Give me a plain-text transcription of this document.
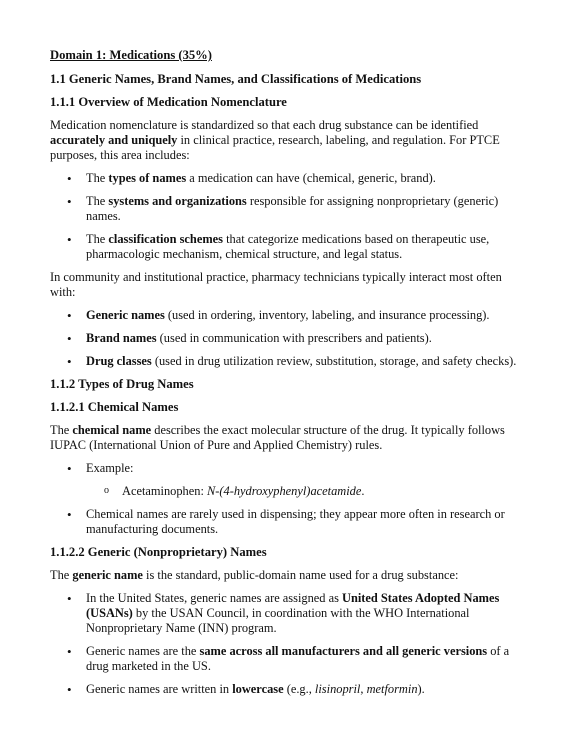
Domain 1: Medications (35%)
1.1 Generic Names, Brand Names, and Classifications of Medications
1.1.1 Overview of Medication Nomenclature

Medication nomenclature is standardized so that each drug substance can be identified
accurately and uniquely in clinical practice, research, labeling, and regulation. For PTCE purposes, this area includes:

• The types of names a medication can have (chemical, generic, brand).
• The systems and organizations responsible for assigning nonproprietary (generic) names.
• The classification schemes that categorize medications based on therapeutic use, pharmacologic mechanism, chemical structure, and legal status.

In community and institutional practice, pharmacy technicians typically interact most often with:

• Generic names (used in ordering, inventory, labeling, and insurance processing).
• Brand names (used in communication with prescribers and patients).
• Drug classes (used in drug utilization review, substitution, storage, and safety checks).
1.1.2 Types of Drug Names
1.1.2.1 Chemical Names

The chemical name describes the exact molecular structure of the drug. It typically follows IUPAC (International Union of Pure and Applied Chemistry) rules.

• Example:
o Acetaminophen: N-(4-hydroxyphenyl)acetamide.
• Chemical names are rarely used in dispensing; they appear more often in research or manufacturing documents.
1.1.2.2 Generic (Nonproprietary) Names

The generic name is the standard, public-domain name used for a drug substance:

• In the United States, generic names are assigned as United States Adopted Names (USANs) by the USAN Council, in coordination with the WHO International Nonproprietary Name (INN) program.
• Generic names are the same across all manufacturers and all generic versions of a drug marketed in the US.
• Generic names are written in lowercase (e.g., lisinopril, metformin).
